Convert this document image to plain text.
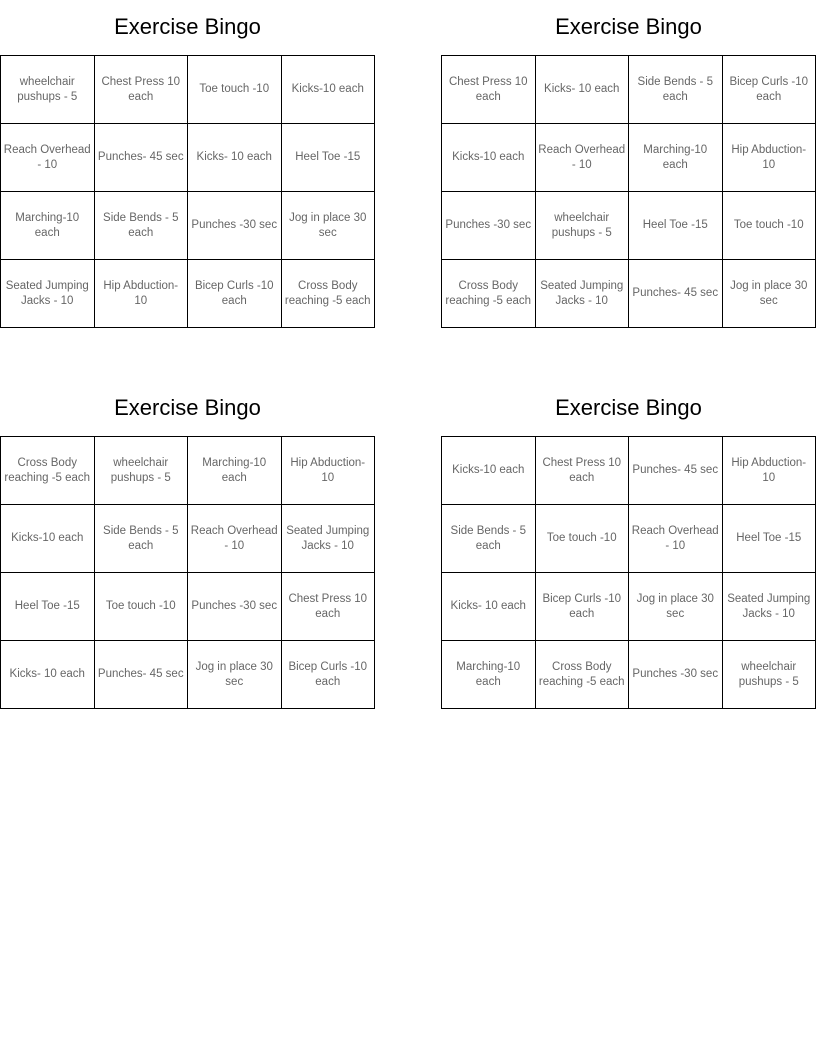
Exercise Bingo
wheelchair pushups - 5	Chest Press 10 each	Toe touch -10	Kicks-10 each
Reach Overhead - 10	Punches- 45 sec	Kicks- 10 each	Heel Toe -15
Marching-10 each	Side Bends - 5 each	Punches -30 sec	Jog in place 30 sec
Seated Jumping Jacks - 10	Hip Abduction- 10	Bicep Curls -10 each	Cross Body reaching -5 each
Exercise Bingo
Chest Press 10 each	Kicks- 10 each	Side Bends - 5 each	Bicep Curls -10 each
Kicks-10 each	Reach Overhead - 10	Marching-10 each	Hip Abduction- 10
Punches -30 sec	wheelchair pushups - 5	Heel Toe -15	Toe touch -10
Cross Body reaching -5 each	Seated Jumping Jacks - 10	Punches- 45 sec	Jog in place 30 sec
Exercise Bingo
Cross Body reaching -5 each	wheelchair pushups - 5	Marching-10 each	Hip Abduction- 10
Kicks-10 each	Side Bends - 5 each	Reach Overhead - 10	Seated Jumping Jacks - 10
Heel Toe -15	Toe touch -10	Punches -30 sec	Chest Press 10 each
Kicks- 10 each	Punches- 45 sec	Jog in place 30 sec	Bicep Curls -10 each
Exercise Bingo
Kicks-10 each	Chest Press 10 each	Punches- 45 sec	Hip Abduction- 10
Side Bends - 5 each	Toe touch -10	Reach Overhead - 10	Heel Toe -15
Kicks- 10 each	Bicep Curls -10 each	Jog in place 30 sec	Seated Jumping Jacks - 10
Marching-10 each	Cross Body reaching -5 each	Punches -30 sec	wheelchair pushups - 5
